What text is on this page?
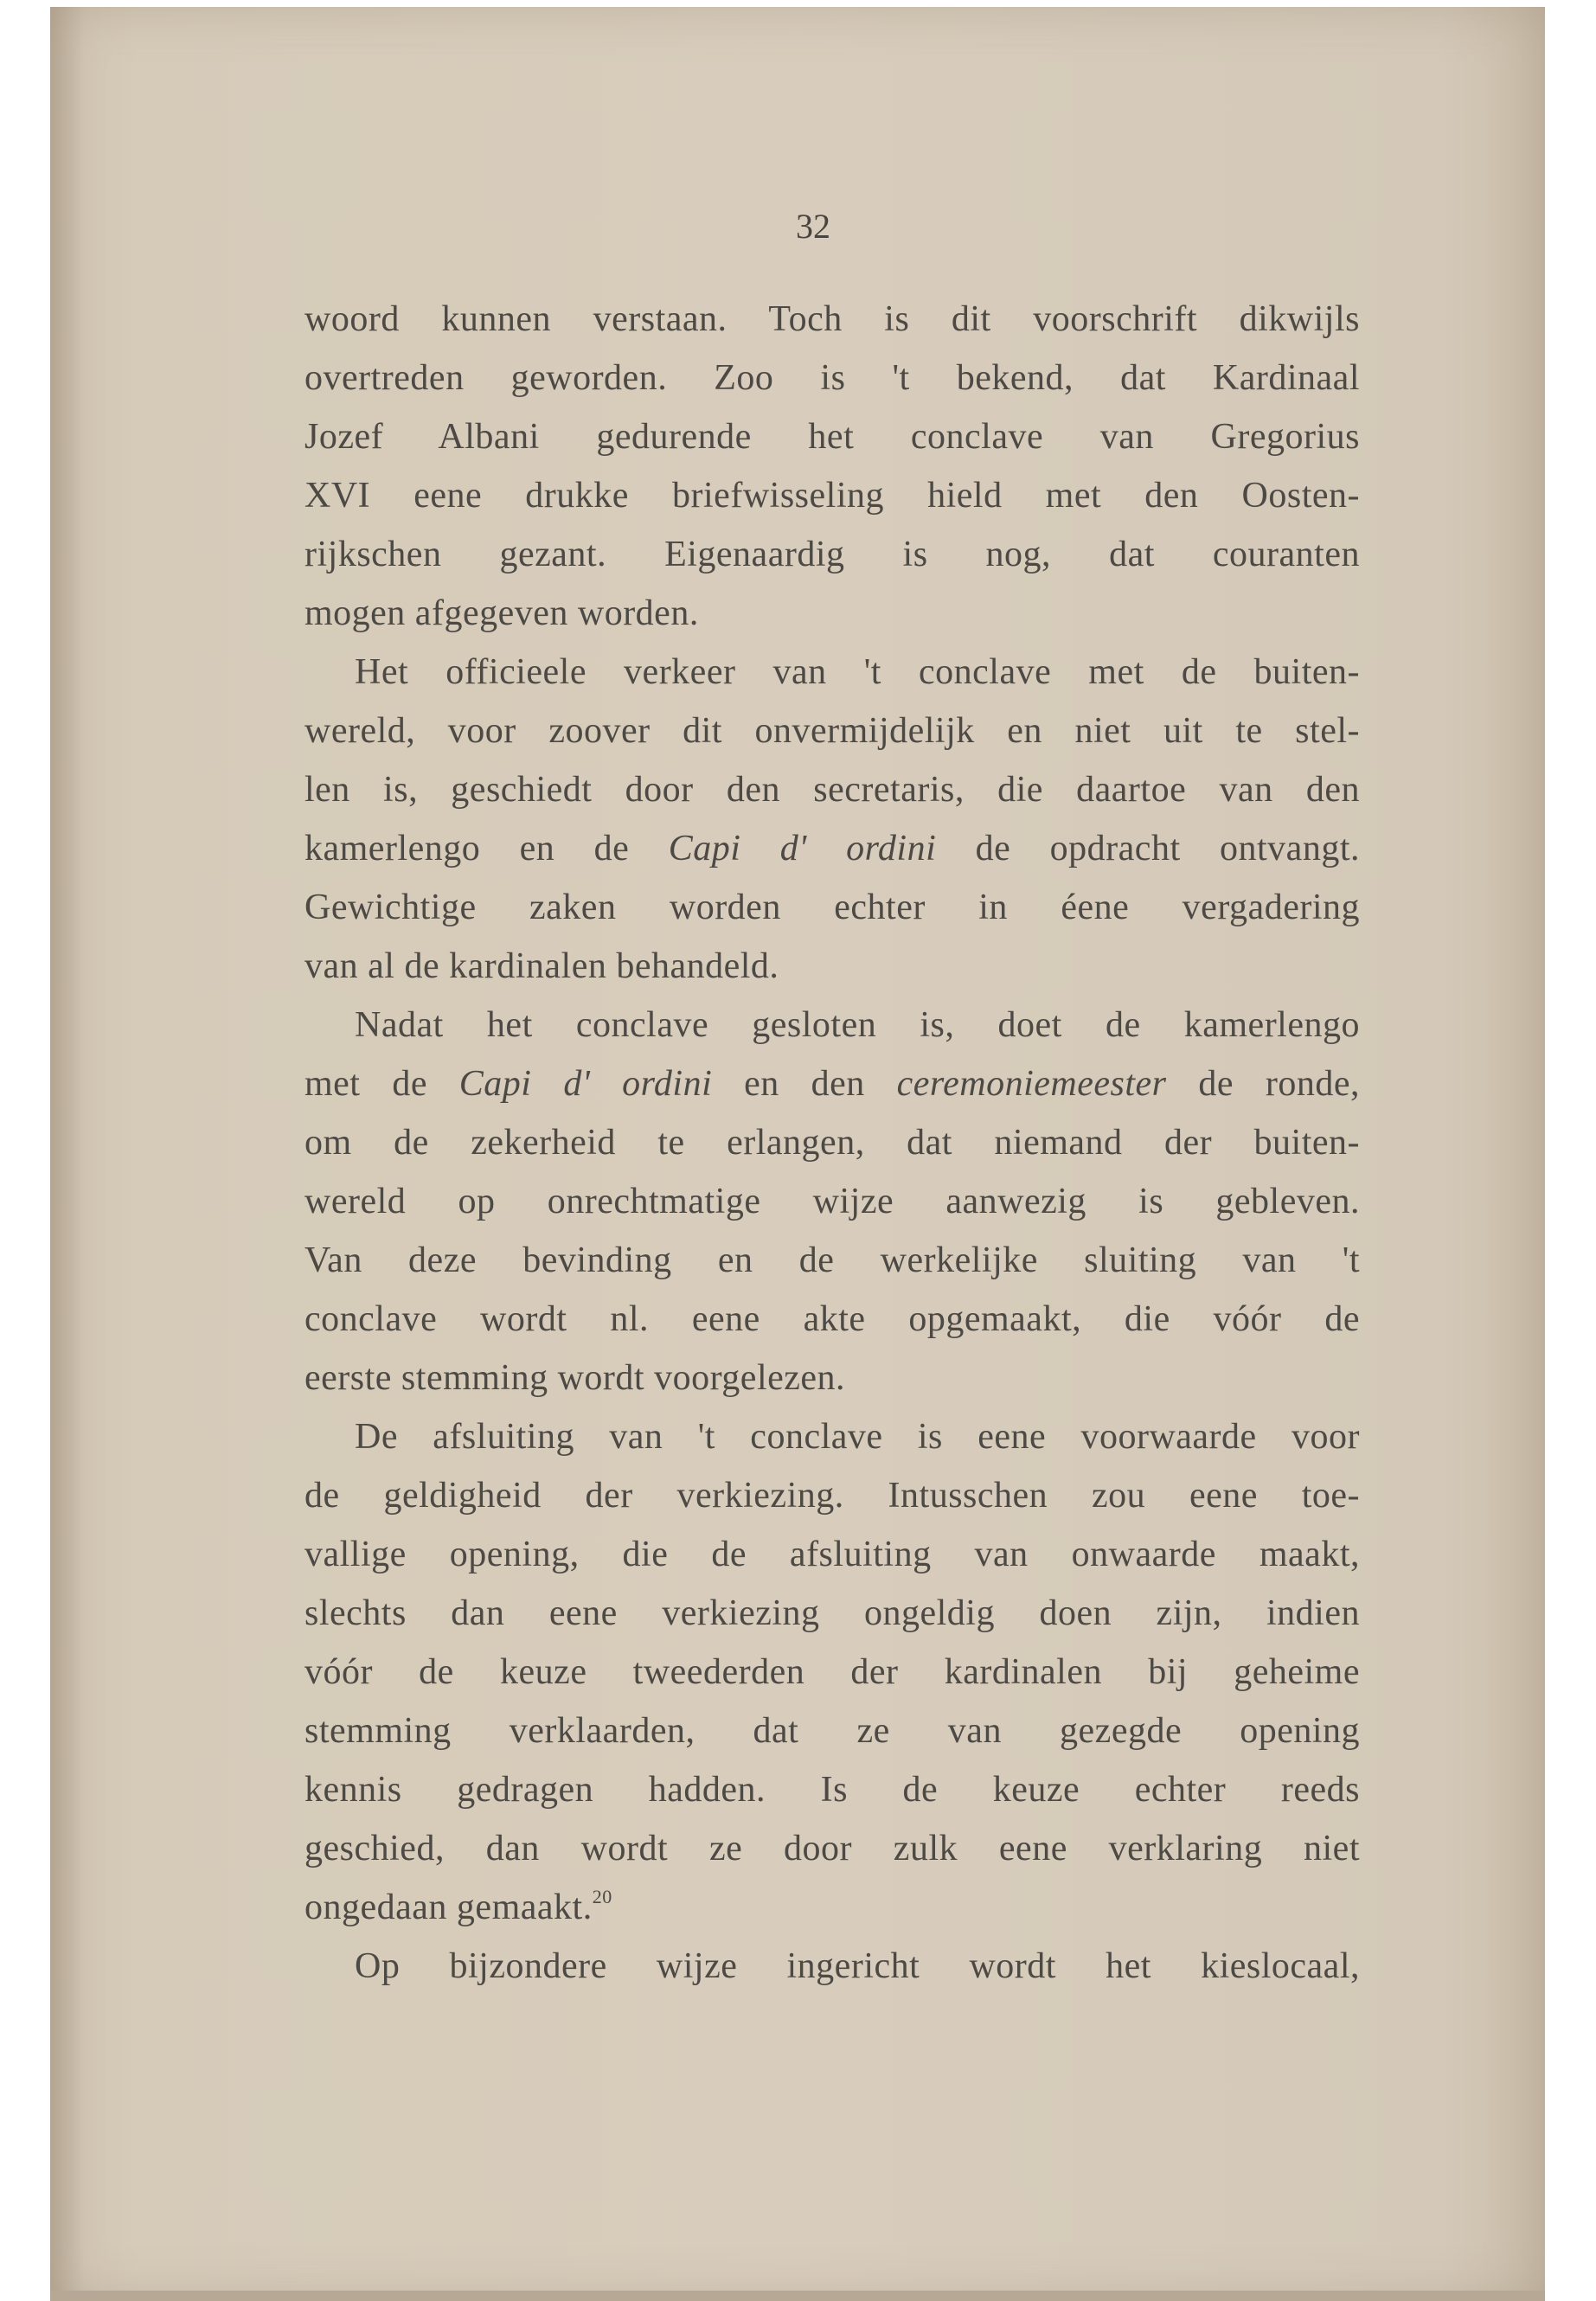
32
woord kunnen verstaan. Toch is dit voorschrift dikwijls
overtreden geworden. Zoo is 't bekend, dat Kardinaal
Jozef Albani gedurende het conclave van Gregorius
XVI eene drukke briefwisseling hield met den Oosten-
rijkschen gezant. Eigenaardig is nog, dat couranten
mogen afgegeven worden.
Het officieele verkeer van 't conclave met de buiten-
wereld, voor zoover dit onvermijdelijk en niet uit te stel-
len is, geschiedt door den secretaris, die daartoe van den
kamerlengo en de Capi d' ordini de opdracht ontvangt.
Gewichtige zaken worden echter in éene vergadering
van al de kardinalen behandeld.
Nadat het conclave gesloten is, doet de kamerlengo
met de Capi d' ordini en den ceremoniemeester de ronde,
om de zekerheid te erlangen, dat niemand der buiten-
wereld op onrechtmatige wijze aanwezig is gebleven.
Van deze bevinding en de werkelijke sluiting van 't
conclave wordt nl. eene akte opgemaakt, die vóór de
eerste stemming wordt voorgelezen.
De afsluiting van 't conclave is eene voorwaarde voor
de geldigheid der verkiezing. Intusschen zou eene toe-
vallige opening, die de afsluiting van onwaarde maakt,
slechts dan eene verkiezing ongeldig doen zijn, indien
vóór de keuze tweederden der kardinalen bij geheime
stemming verklaarden, dat ze van gezegde opening
kennis gedragen hadden. Is de keuze echter reeds
geschied, dan wordt ze door zulk eene verklaring niet
ongedaan gemaakt.$^{20}$
Op bijzondere wijze ingericht wordt het kieslocaal,
